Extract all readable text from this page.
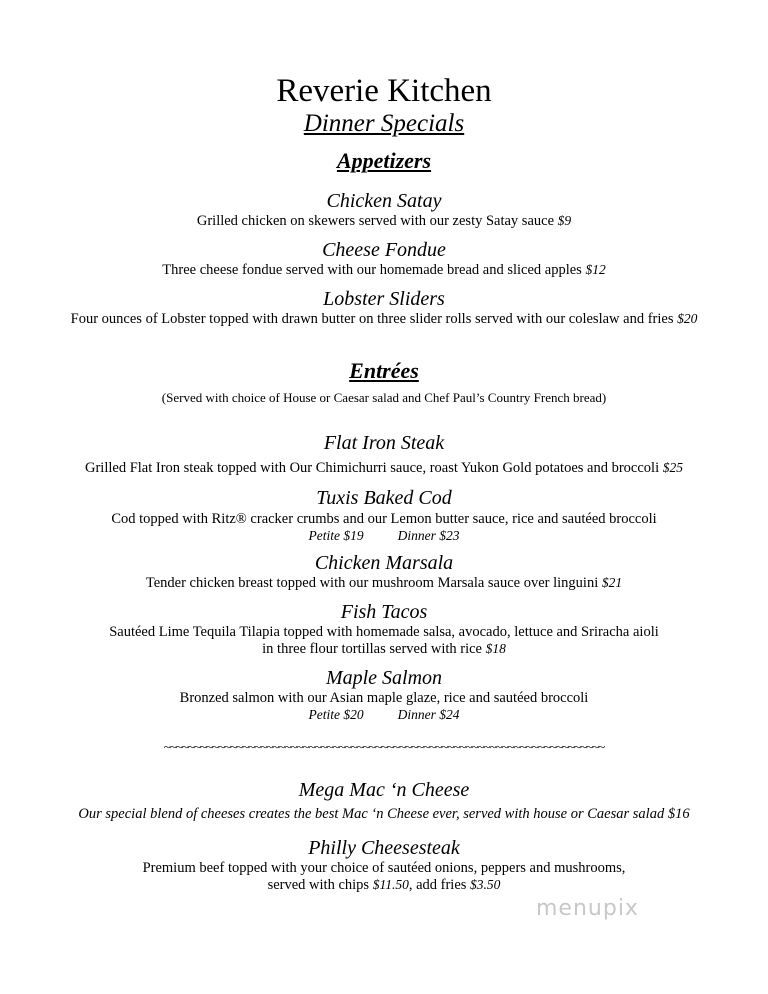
Reverie Kitchen
Dinner Specials
Appetizers
Chicken Satay
Grilled chicken on skewers served with our zesty Satay sauce $9
Cheese Fondue
Three cheese fondue served with our homemade bread and sliced apples $12
Lobster Sliders
Four ounces of Lobster topped with drawn butter on three slider rolls served with our coleslaw and fries $20
Entrées
(Served with choice of House or Caesar salad and Chef Paul’s Country French bread)
Flat Iron Steak
Grilled Flat Iron steak topped with Our Chimichurri sauce, roast Yukon Gold potatoes and broccoli $25
Tuxis Baked Cod
Cod topped with Ritz® cracker crumbs and our Lemon butter sauce, rice and sautéed broccoli
Petite $19	Dinner $23
Chicken Marsala
Tender chicken breast topped with our mushroom Marsala sauce over linguini $21
Fish Tacos
Sautéed Lime Tequila Tilapia topped with homemade salsa, avocado, lettuce and Sriracha aioli
in three flour tortillas served with rice $18
Maple Salmon
Bronzed salmon with our Asian maple glaze, rice and sautéed broccoli
Petite $20	Dinner $24
~~~~~~~~~~~~~~~~~~~~~~~~~~~~~~~~~~~~~~~~~~~~~~~~~~~~~~~~~~~~~~~~~~~~~~~~~
Mega Mac ‘n Cheese
Our special blend of cheeses creates the best Mac ‘n Cheese ever, served with house or Caesar salad $16
Philly Cheesesteak
Premium beef topped with your choice of sautéed onions, peppers and mushrooms,
served with chips $11.50, add fries $3.50
menupix
